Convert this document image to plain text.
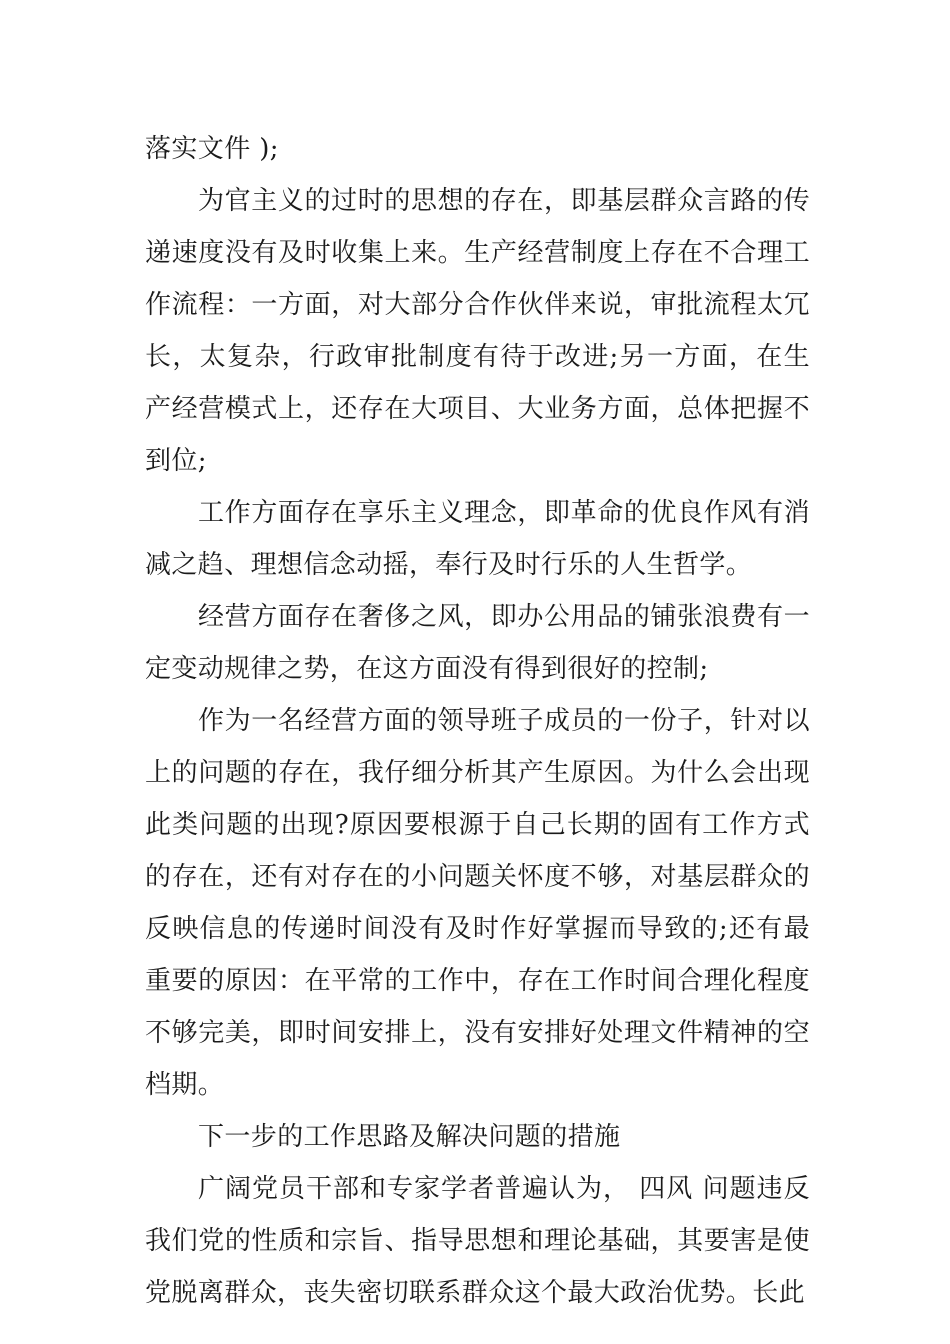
落实文件 );

为官主义的过时的思想的存在，即基层群众言路的传递速度没有及时收集上来。生产经营制度上存在不合理工作流程：一方面，对大部分合作伙伴来说，审批流程太冗长，太复杂，行政审批制度有待于改进;另一方面，在生产经营模式上，还存在大项目、大业务方面，总体把握不到位;

工作方面存在享乐主义理念，即革命的优良作风有消减之趋、理想信念动摇，奉行及时行乐的人生哲学。

经营方面存在奢侈之风，即办公用品的铺张浪费有一定变动规律之势，在这方面没有得到很好的控制;

作为一名经营方面的领导班子成员的一份子，针对以上的问题的存在，我仔细分析其产生原因。为什么会出现此类问题的出现?原因要根源于自己长期的固有工作方式的存在，还有对存在的小问题关怀度不够，对基层群众的反映信息的传递时间没有及时作好掌握而导致的;还有最重要的原因：在平常的工作中，存在工作时间合理化程度不够完美，即时间安排上，没有安排好处理文件精神的空档期。

下一步的工作思路及解决问题的措施

广阔党员干部和专家学者普遍认为， 四风 问题违反我们党的性质和宗旨、指导思想和理论基础，其要害是使党脱离群众，丧失密切联系群众这个最大政治优势。长此
